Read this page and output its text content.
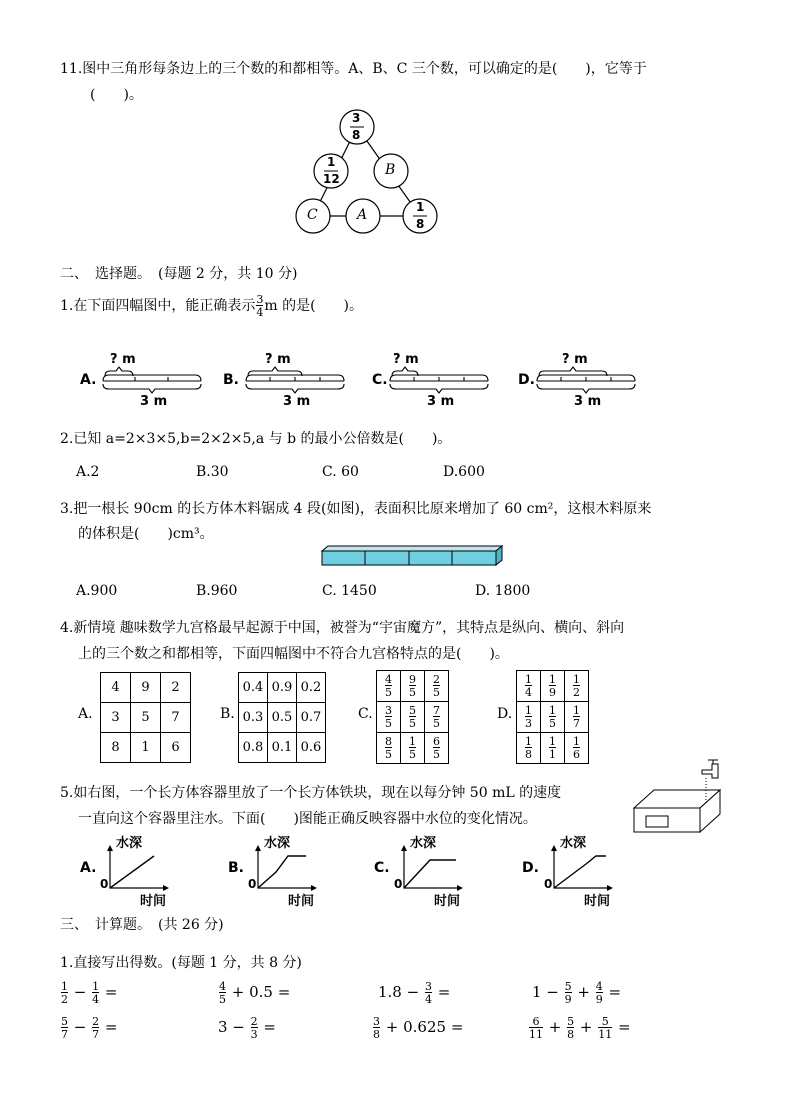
11.图中三角形每条边上的三个数的和都相等。A、B、C 三个数，可以确定的是(　　)，它等于
(　　)。
3
8
1
12
B
C	A	1
8
二、　选择题。　(每题 2 分，共 10 分)
1.在下面四幅图中，能正确表示 $\frac{3}{4}$ m 的是(　　)。
A.	B.	C.	D.
? m	? m	? m	? m
3 m	3 m	3 m	3 m
2.已知 a=2×3×5,b=2×2×5,a 与 b 的最小公倍数是(　　)。
A.2	B.30	C. 60	D.600
3.把一根长 90cm 的长方体木料锯成 4 段(如图)，表面积比原来增加了 60 cm²，这根木料原来
的体积是(　　)cm³。
A.900	B.960	C. 1450	D. 1800
4.新情境 趣味数学九宫格最早起源于中国，被誉为“宇宙魔方”，其特点是纵向、横向、斜向
上的三个数之和都相等，下面四幅图中不符合九宫格特点的是(　　)。
A.
4	9	2
3	5	7
8	1	6
B.
0.4	0.9	0.2
0.3	0.5	0.7
0.8	0.1	0.6
C.
$\frac{4}{5}$	$\frac{9}{5}$	$\frac{2}{5}$

$\frac{3}{5}$	$\frac{5}{5}$	$\frac{7}{5}$

$\frac{8}{5}$	$\frac{1}{5}$	$\frac{6}{5}$
D.
$\frac{1}{4}$	$\frac{1}{9}$	$\frac{1}{2}$

$\frac{1}{3}$	$\frac{1}{5}$	$\frac{1}{7}$

$\frac{1}{8}$	$\frac{1}{1}$	$\frac{1}{6}$
5.如右图，一个长方体容器里放了一个长方体铁块，现在以每分钟 50 mL 的速度
一直向这个容器里注水。下面(　　)图能正确反映容器中水位的变化情况。
水深	水深	水深	水深
时间	时间	时间	时间
0	0	0	0
A.	B.	C.	D.
三、　计算题。　(共 26 分)
1.直接写出得数。(每题 1 分，共 8 分)
$\frac{1}{2} - \frac{1}{4}$ =	$\frac{4}{5} + 0.5$ =	$1.8 - \frac{3}{4}$ =	$1 - \frac{5}{9} + \frac{4}{9}$ =
$\frac{5}{7} - \frac{2}{7}$ =	$3 - \frac{2}{3}$ =	$\frac{3}{8} + 0.625$ =	$\frac{6}{11} + \frac{5}{8} + \frac{5}{11}$ =
